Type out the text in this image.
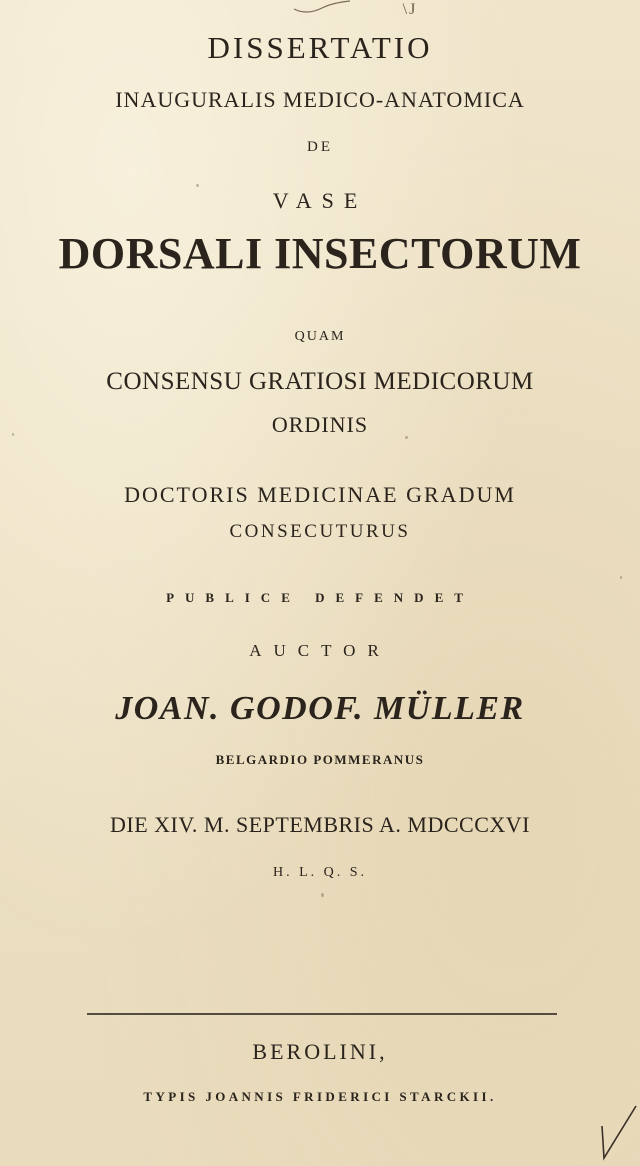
\J
DISSERTATIO
INAUGURALIS MEDICO-ANATOMICA
DE
VASE
DORSALI INSECTORUM
QUAM
CONSENSU GRATIOSI MEDICORUM
ORDINIS
DOCTORIS MEDICINAE GRADUM
CONSECUTURUS
PUBLICE DEFENDET
AUCTOR
JOAN. GODOF. MÜLLER
BELGARDIO POMMERANUS
DIE XIV. M. SEPTEMBRIS A. MDCCCXVI
H. L. Q. S.
BEROLINI,
TYPIS JOANNIS FRIDERICI STARCKII.
